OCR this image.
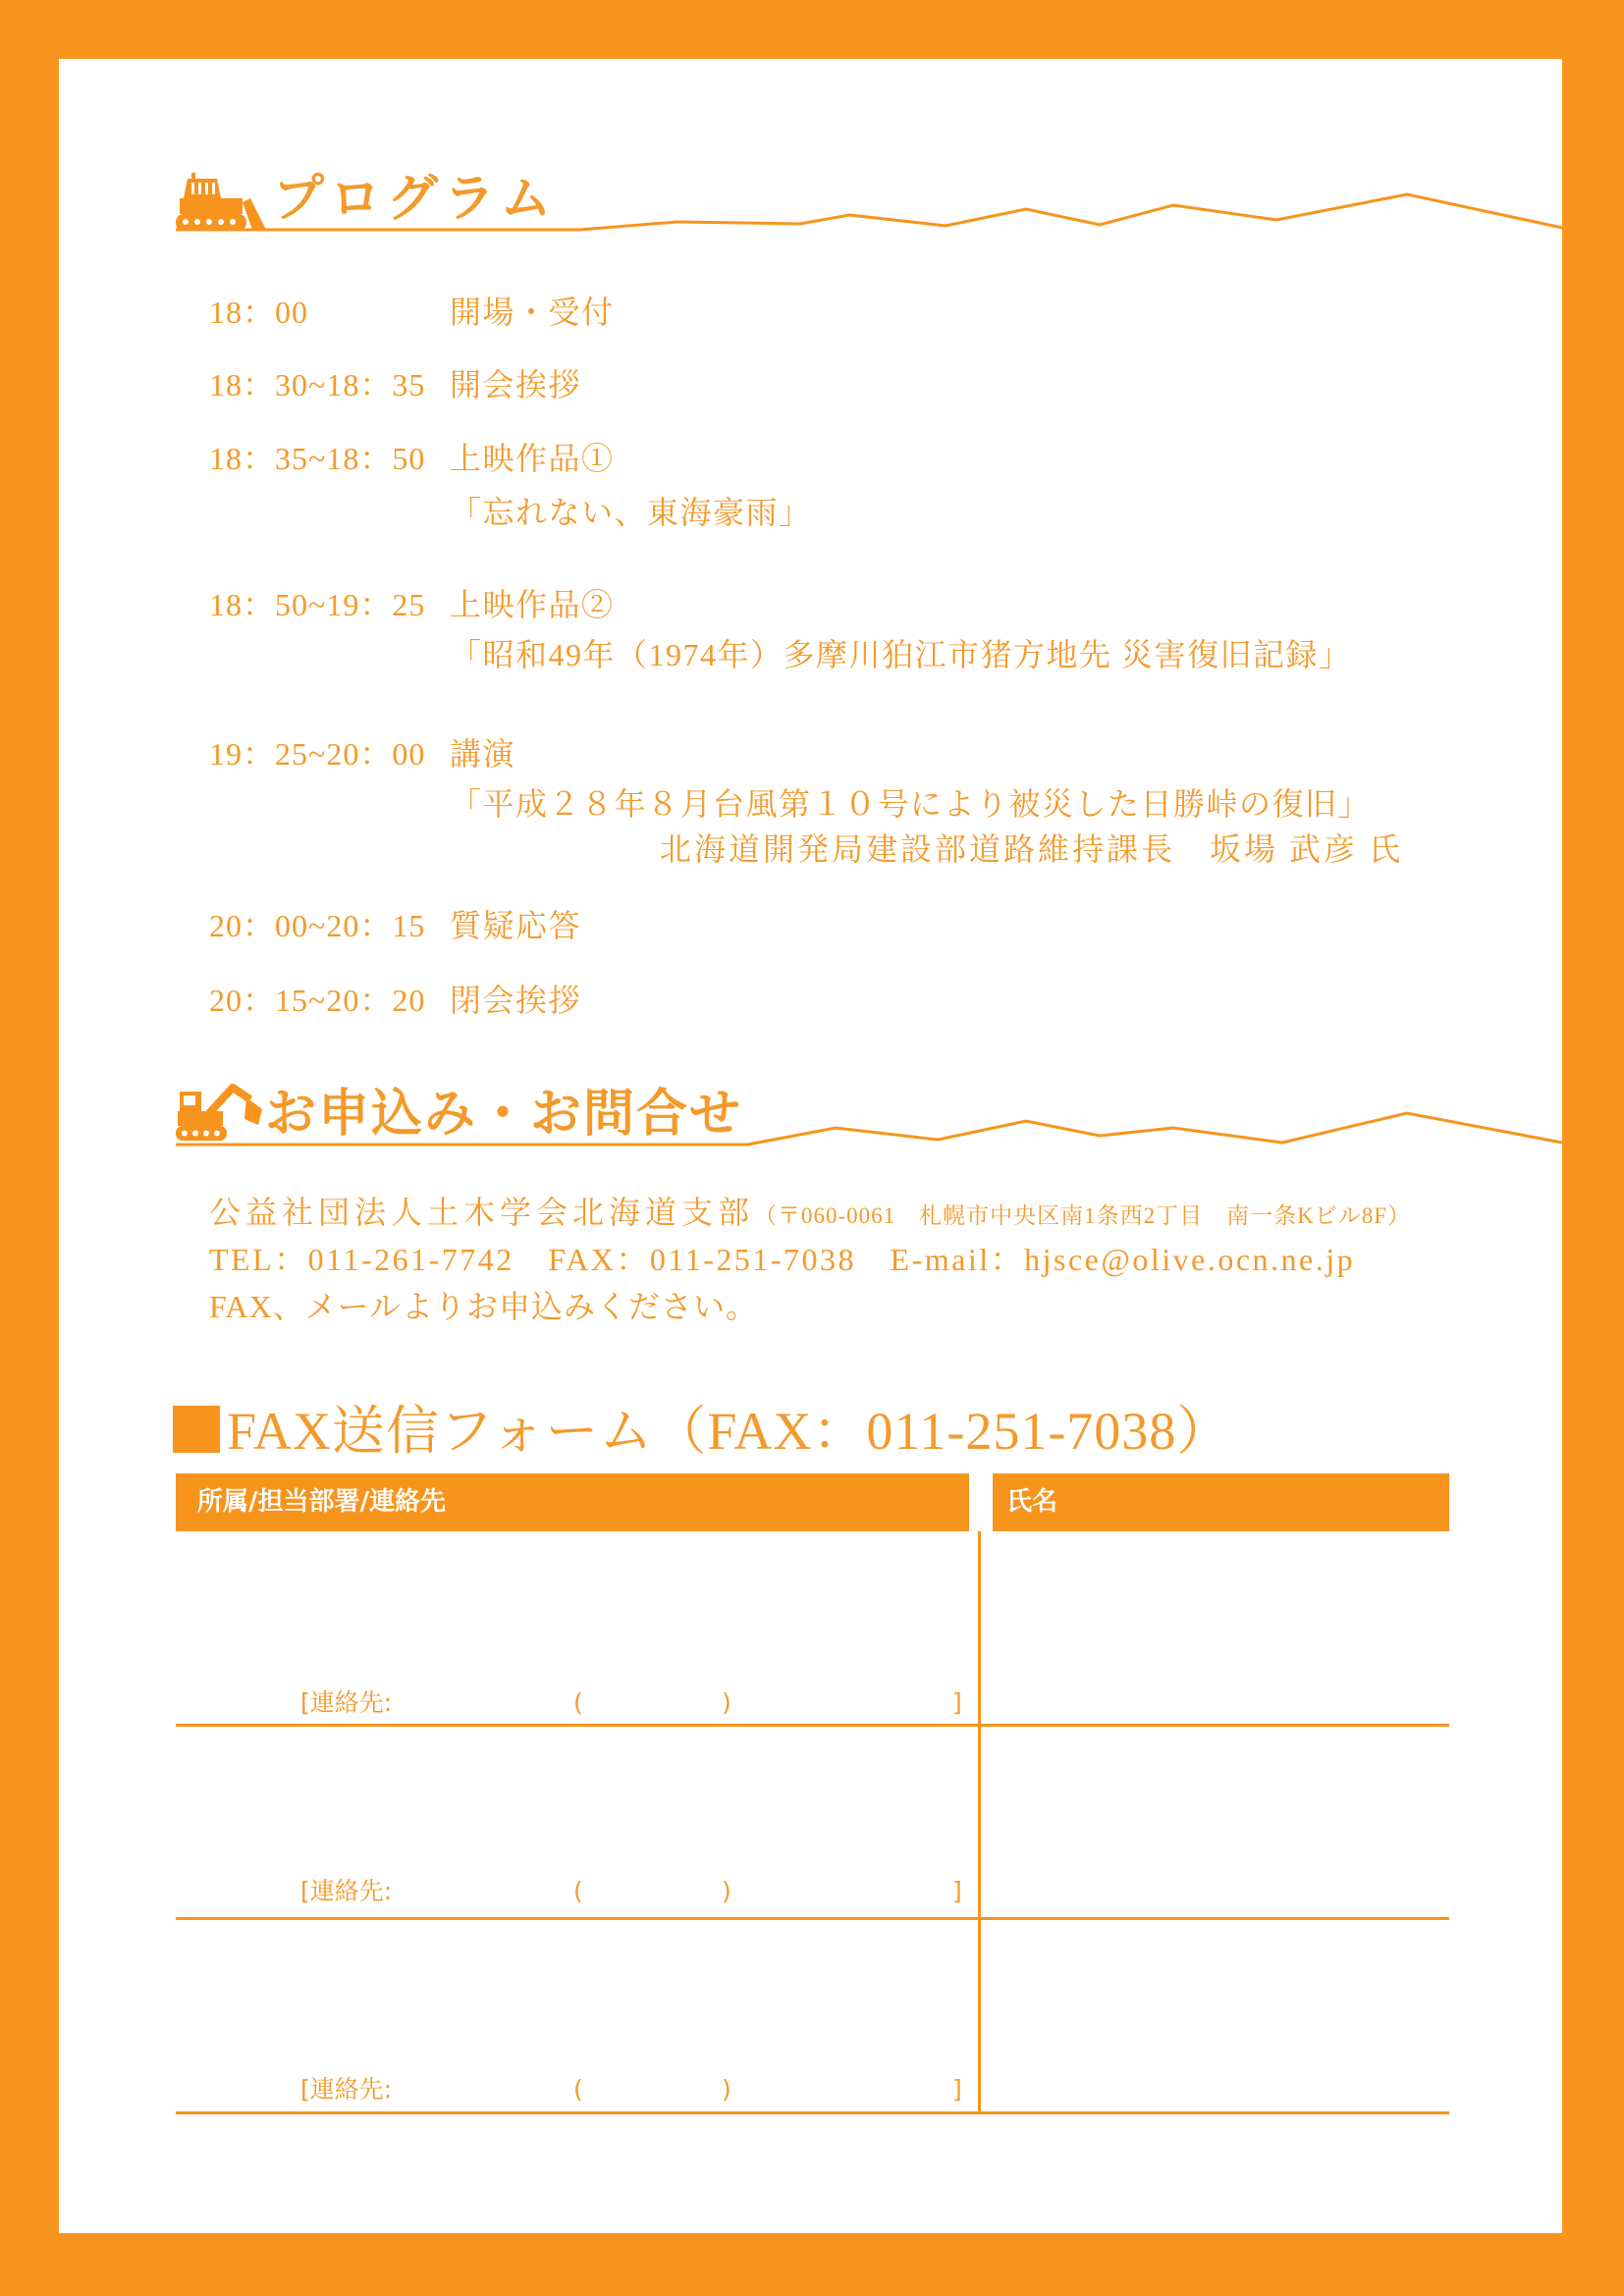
プログラム
18：00	開場・受付
18：30~18：35 開会挨拶
18：35~18：50 上映作品①
「忘れない、東海豪雨」
18：50~19：25 上映作品②
「昭和49年（1974年）多摩川狛江市猪方地先 災害復旧記録」
19：25~20：00 講演
「平成２８年８月台風第１０号により被災した日勝峠の復旧」
北海道開発局建設部道路維持課長　坂場 武彦 氏
20：00~20：15 質疑応答
20：15~20：20 閉会挨拶
お申込み・お問合せ
公益社団法人土木学会北海道支部（〒060-0061　札幌市中央区南1条西2丁目　南一条Kビル8F）
TEL：011-261-7742　FAX：011-251-7038　E-mail：hjsce@olive.ocn.ne.jp
FAX、メールよりお申込みください。
FAX送信フォーム（FAX：011-251-7038）
所属/担当部署/連絡先	氏名
[連絡先:	(	)	]
[連絡先:	(	)	]
[連絡先:	(	)	]
